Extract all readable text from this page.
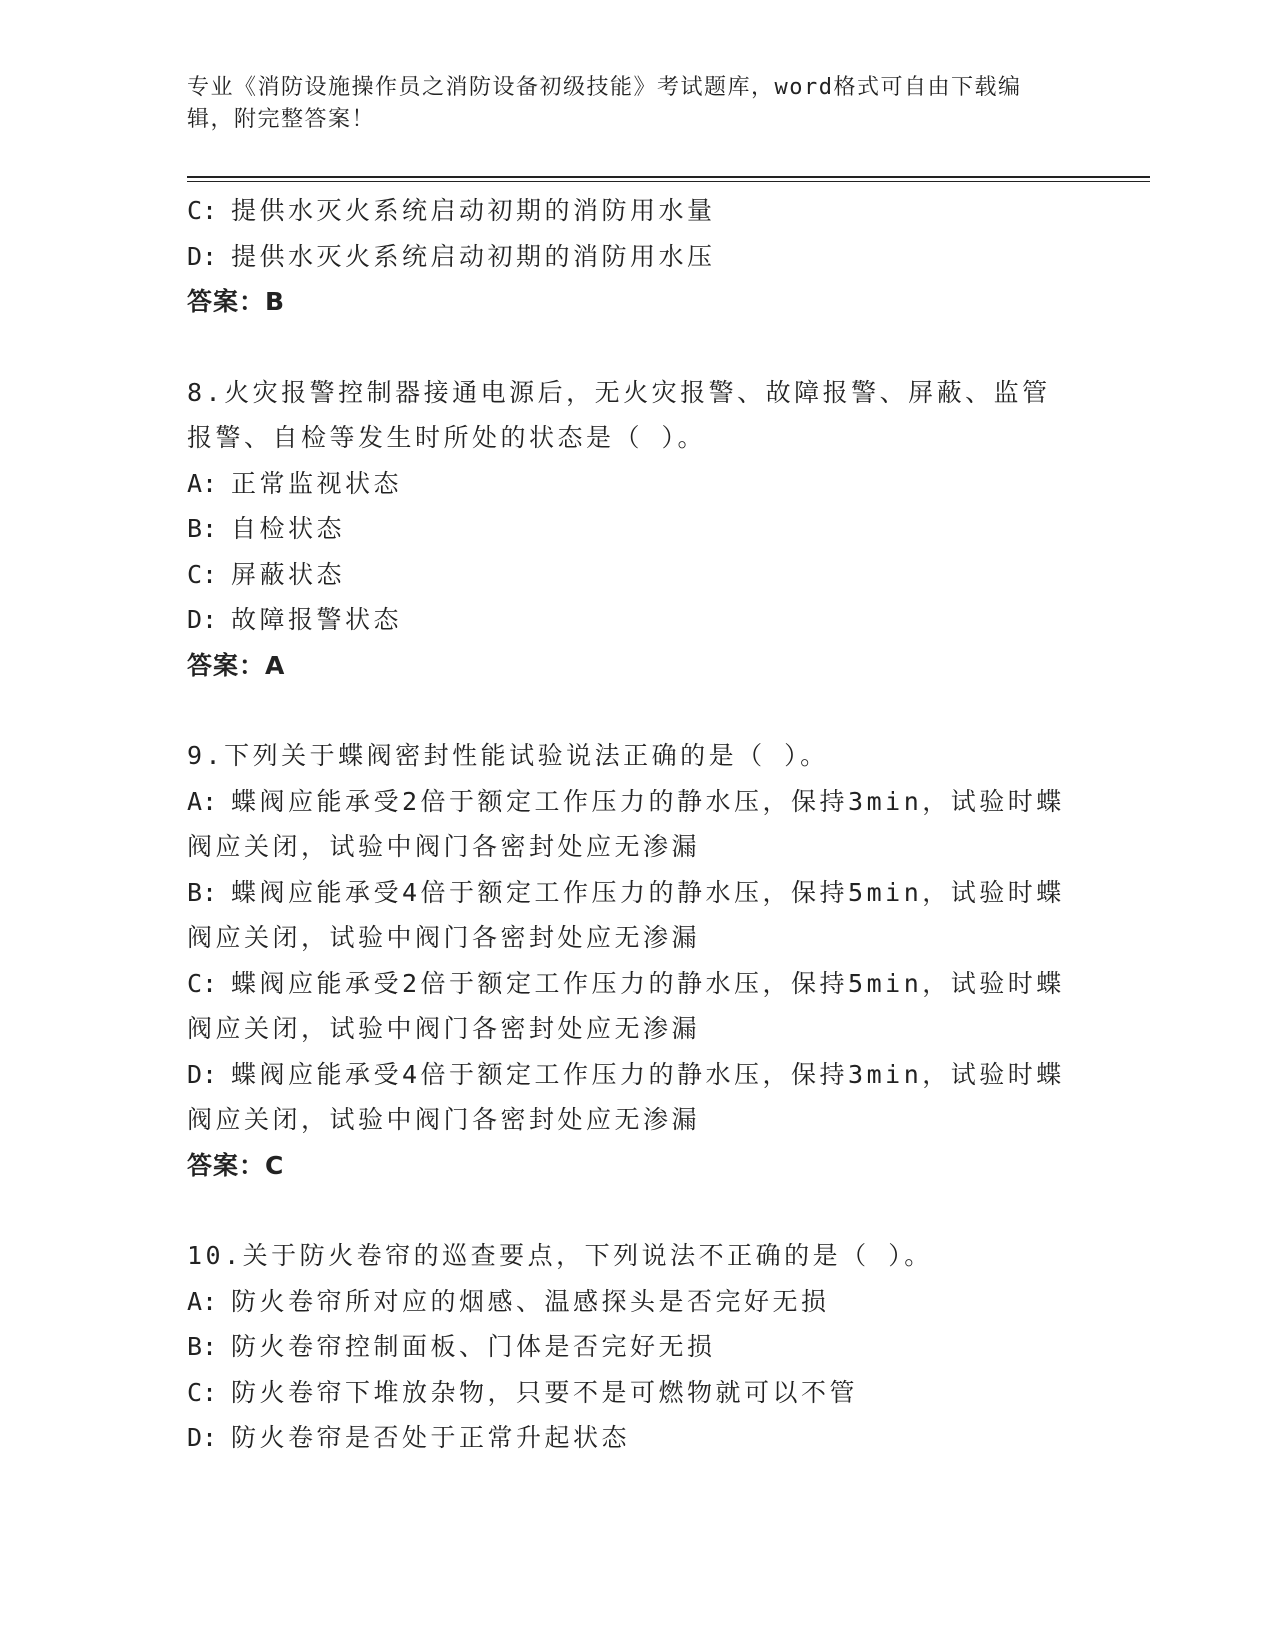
专业《消防设施操作员之消防设备初级技能》考试题库，word格式可自由下载编辑，附完整答案！

C: 提供水灭火系统启动初期的消防用水量

D: 提供水灭火系统启动初期的消防用水压

答案：B

8.火灾报警控制器接通电源后，无火灾报警、故障报警、屏蔽、监管

报警、自检等发生时所处的状态是（ ）。

A: 正常监视状态

B: 自检状态

C: 屏蔽状态

D: 故障报警状态

答案：A

9.下列关于蝶阀密封性能试验说法正确的是（ ）。

A: 蝶阀应能承受2倍于额定工作压力的静水压，保持3min，试验时蝶

阀应关闭，试验中阀门各密封处应无渗漏

B: 蝶阀应能承受4倍于额定工作压力的静水压，保持5min，试验时蝶

阀应关闭，试验中阀门各密封处应无渗漏

C: 蝶阀应能承受2倍于额定工作压力的静水压，保持5min，试验时蝶

阀应关闭，试验中阀门各密封处应无渗漏

D: 蝶阀应能承受4倍于额定工作压力的静水压，保持3min，试验时蝶

阀应关闭，试验中阀门各密封处应无渗漏

答案：C

10.关于防火卷帘的巡查要点，下列说法不正确的是（ ）。

A: 防火卷帘所对应的烟感、温感探头是否完好无损

B: 防火卷帘控制面板、门体是否完好无损

C: 防火卷帘下堆放杂物，只要不是可燃物就可以不管

D: 防火卷帘是否处于正常升起状态
